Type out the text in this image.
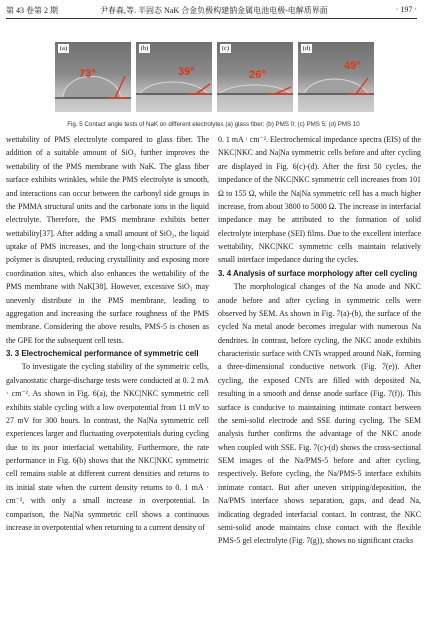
第 43 卷第 2 期	尹春森,等. 半固态 NaK 合金负极构建钠金属电池电极-电解质界面	· 197 ·
(a)
73°
(b)
39°
(c)
26°
(d)
49°
Fig. 5 Contact angle tests of NaK on different electrolytes (a) glass fiber; (b) PMS 0; (c) PMS 5; (d) PMS 10

wettability of PMS electrolyte compared to glass fiber. The addition of a suitable amount of SiO₂ further improves the wettability of the PMS membrane with NaK. The glass fiber surface exhibits wrinkles, while the PMS electrolyte is smooth, and interactions can occur between the carbonyl side groups in the PMMA structural units and the carbonate ions in the liquid electrolyte. Therefore, the PMS membrane exhibits better wettability[37]. After adding a small amount of SiO₂, the liquid uptake of PMS increases, and the long-chain structure of the polymer is disrupted, reducing crystallinity and exposing more coordination sites, which also enhances the wettability of the PMS membrane with NaK[38]. However, excessive SiO₂ may unevenly distribute in the PMS membrane, leading to aggregation and increasing the surface roughness of the PMS membrane. Considering the above results, PMS-5 is chosen as the GPE for the subsequent cell tests.

3. 3 Electrochemical performance of symmetric cell

To investigate the cycling stability of the symmetric cells, galvanostatic charge-discharge tests were conducted at 0. 2 mA · cm⁻². As shown in Fig. 6(a), the NKC|NKC symmetric cell exhibits stable cycling with a low overpotential from 11 mV to 27 mV for 300 hours. In contrast, the Na|Na symmetric cell experiences larger and fluctuating overpotentials during cycling due to its poor interfacial wettability. Furthermore, the rate performance in Fig. 6(b) shows that the NKC|NKC symmetric cell remains stable at different current densities and returns to its initial state when the current density returns to 0. 1 mA · cm⁻², with only a small increase in overpotential. In comparison, the Na|Na symmetric cell shows a continuous increase in overpotential when returning to a current density of

0. 1 mA · cm⁻². Electrochemical impedance spectra (EIS) of the NKC|NKC and Na|Na symmetric cells before and after cycling are displayed in Fig. 6(c)-(d). After the first 50 cycles, the impedance of the NKC|NKC symmetric cell increases from 101 Ω to 155 Ω, while the Na|Na symmetric cell has a much higher increase, from about 3800 to 5000 Ω. The increase in interfacial impedance may be attributed to the formation of solid electrolyte interphase (SEI) films. Due to the excellent interface wettability, NKC|NKC symmetric cells maintain relatively small interface impedance during the cycles.

3. 4 Analysis of surface morphology after cell cycling

The morphological changes of the Na anode and NKC anode before and after cycling in symmetric cells were observed by SEM. As shown in Fig. 7(a)-(b), the surface of the cycled Na metal anode becomes irregular with numerous Na dendrites. In contrast, before cycling, the NKC anode exhibits characteristic surface with CNTs wrapped around NaK, forming a three-dimensional conductive network (Fig. 7(e)). After cycling, the exposed CNTs are filled with deposited Na, resulting in a smooth and dense anode surface (Fig. 7(f)). This surface is conducive to maintaining intimate contact between the semi-solid electrode and SSE during cycling. The SEM analysis further confirms the advantage of the NKC anode when coupled with SSE. Fig. 7(c)-(d) shows the cross-sectional SEM images of the Na/PMS-5 before and after cycling, respectively. Before cycling, the Na/PMS-5 interface exhibits intimate contact. But after uneven stripping/deposition, the Na/PMS interface shows separation, gaps, and dead Na, indicating degraded interfacial contact. In contrast, the NKC semi-solid anode maintains close contact with the flexible PMS-5 gel electrolyte (Fig. 7(g)), shows no significant cracks
